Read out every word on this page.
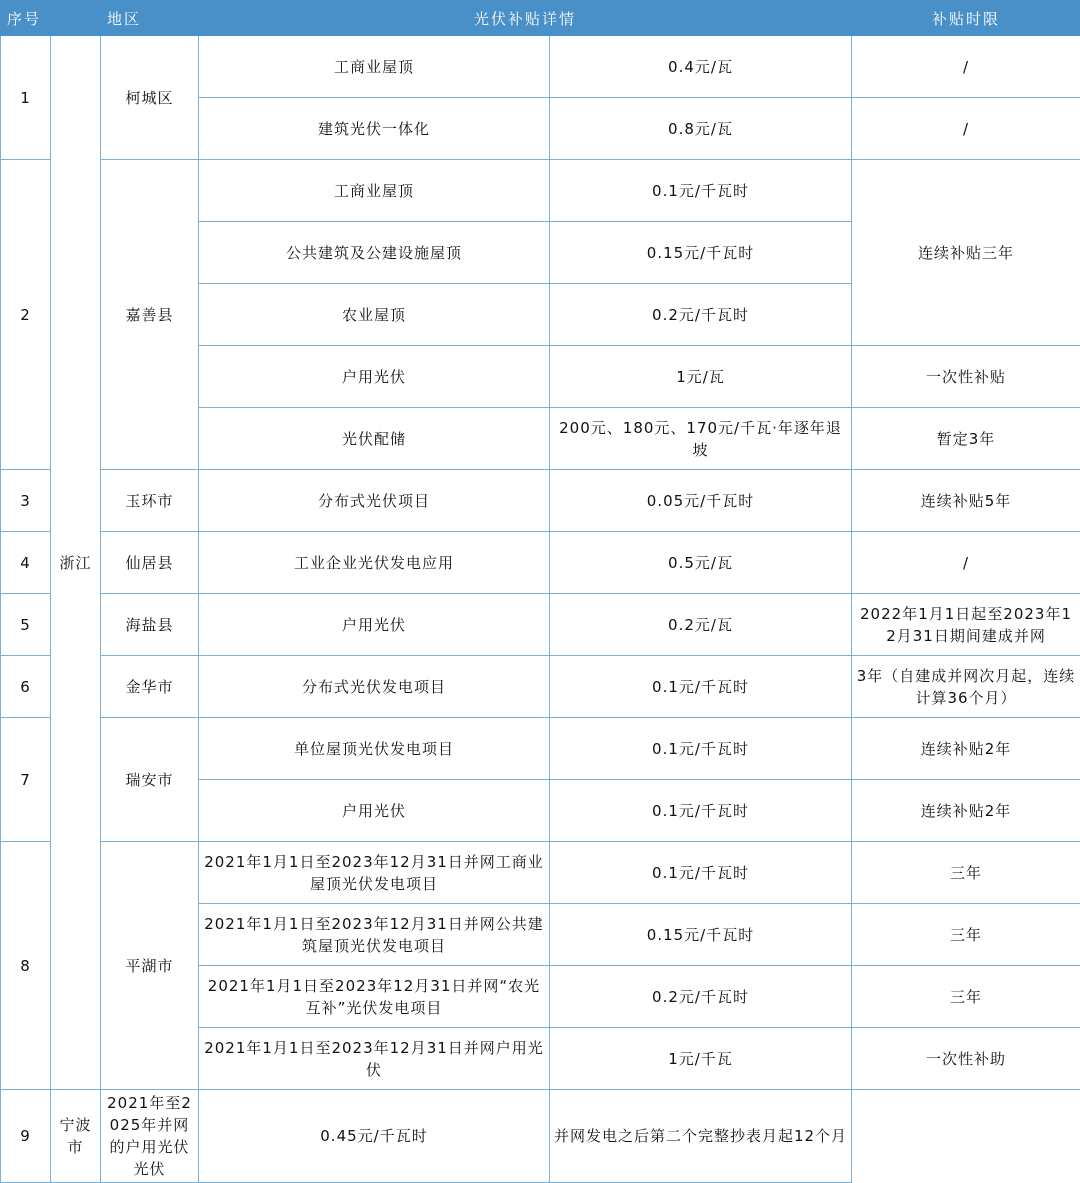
序号		地区	光伏补贴详情		补贴时限
1	浙江	柯城区	工商业屋顶	0.4元/瓦	/
			建筑光伏一体化	0.8元/瓦	/
2		嘉善县	工商业屋顶	0.1元/千瓦时	连续补贴三年
			公共建筑及公建设施屋顶	0.15元/千瓦时	
			农业屋顶	0.2元/千瓦时	
			户用光伏	1元/瓦	一次性补贴
			光伏配储	200元、180元、170元/千瓦·年逐年退坡	暂定3年
3		玉环市	分布式光伏项目	0.05元/千瓦时	连续补贴5年
4		仙居县	工业企业光伏发电应用	0.5元/瓦	/
5		海盐县	户用光伏	0.2元/瓦	2022年1月1日起至2023年12月31日期间建成并网
6		金华市	分布式光伏发电项目	0.1元/千瓦时	3年（自建成并网次月起，连续计算36个月）
7		瑞安市	单位屋顶光伏发电项目	0.1元/千瓦时	连续补贴2年
			户用光伏	0.1元/千瓦时	连续补贴2年
8		平湖市	2021年1月1日至2023年12月31日并网工商业屋顶光伏发电项目	0.1元/千瓦时	三年
			2021年1月1日至2023年12月31日并网公共建筑屋顶光伏发电项目	0.15元/千瓦时	三年
			2021年1月1日至2023年12月31日并网“农光互补”光伏发电项目	0.2元/千瓦时	三年
			2021年1月1日至2023年12月31日并网户用光伏	1元/千瓦	一次性补助
9	宁波市	2021年至2025年并网的户用光伏光伏	0.45元/千瓦时	并网发电之后第二个完整抄表月起12个月	
